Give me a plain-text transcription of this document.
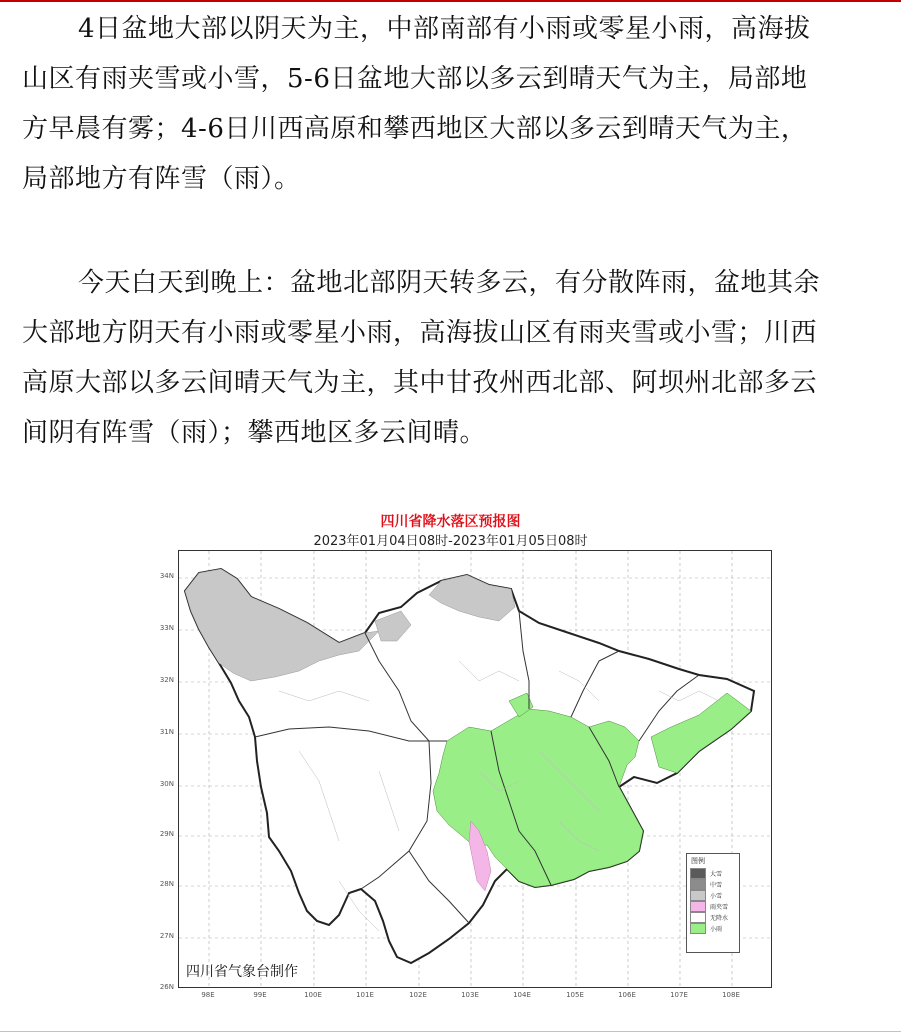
4日盆地大部以阴天为主，中部南部有小雨或零星小雨，高海拔
山区有雨夹雪或小雪，5-6日盆地大部以多云到晴天气为主，局部地
方早晨有雾；4-6日川西高原和攀西地区大部以多云到晴天气为主，
局部地方有阵雪（雨）。
今天白天到晚上：盆地北部阴天转多云，有分散阵雨，盆地其余
大部地方阴天有小雨或零星小雨，高海拔山区有雨夹雪或小雪；川西
高原大部以多云间晴天气为主，其中甘孜州西北部、阿坝州北部多云
间阴有阵雪（雨）；攀西地区多云间晴。
四川省降水落区预报图
2023年01月04日08时-2023年01月05日08时
34N
33N
32N
31N
30N
29N
28N
27N
26N
98E	99E	100E	101E	102E	103E	104E	105E	106E	107E	108E
图例
大雪
中雪
小雪
雨夹雪
无降水
小雨
四川省气象台制作
